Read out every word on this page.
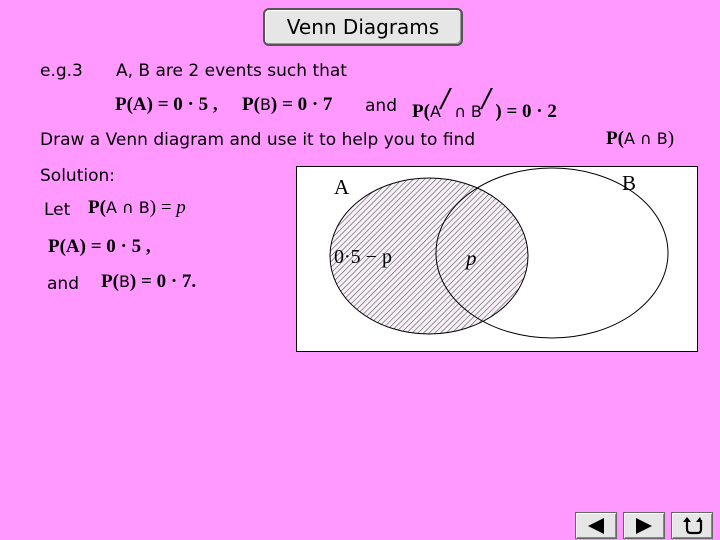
Venn Diagrams
e.g.3 A, B are 2 events such that
P(A) = 0 · 5 , P(B) = 0 · 7 and P(A/ ∩ B/ ) = 0 · 2
Draw a Venn diagram and use it to help you to find	P(A ∩ B)
Solution:
Let P(A ∩ B) = p
P(A) = 0 · 5 ,
and P(B) = 0 · 7.
A	B
0·5 − p	p
